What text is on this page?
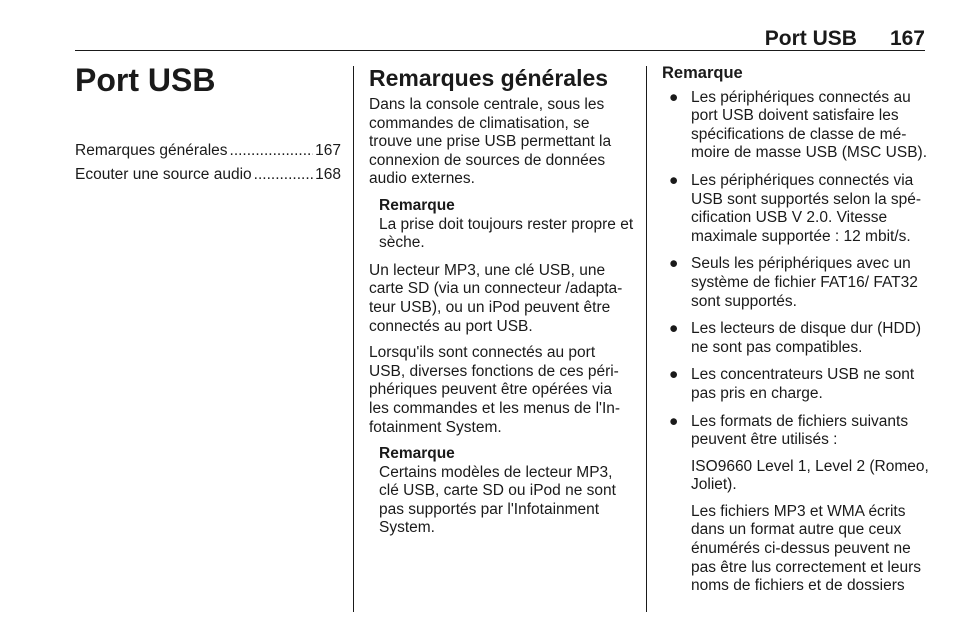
Port USB 167
Port USB
Remarques générales .....	167
Ecouter une source audio .....	168
Remarques générales

Dans la console centrale, sous les commandes de climatisation, se trouve une prise USB permettant la connexion de sources de données audio externes.

Remarque
La prise doit toujours rester propre et sèche.

Un lecteur MP3, une clé USB, une carte SD (via un connecteur /adaptateur USB), ou un iPod peuvent être connectés au port USB.

Lorsqu'ils sont connectés au port USB, diverses fonctions de ces périphériques peuvent être opérées via les commandes et les menus de l'Infotainment System.

Remarque
Certains modèles de lecteur MP3, clé USB, carte SD ou iPod ne sont pas supportés par l'Infotainment System.
Remarque
● Les périphériques connectés au port USB doivent satisfaire les spécifications de classe de mémoire de masse USB (MSC USB).
● Les périphériques connectés via USB sont supportés selon la spécification USB V 2.0. Vitesse maximale supportée : 12 mbit/s.
● Seuls les périphériques avec un système de fichier FAT16/ FAT32 sont supportés.
● Les lecteurs de disque dur (HDD) ne sont pas compatibles.
● Les concentrateurs USB ne sont pas pris en charge.
● Les formats de fichiers suivants peuvent être utilisés :
ISO9660 Level 1, Level 2 (Romeo, Joliet).
Les fichiers MP3 et WMA écrits dans un format autre que ceux énumérés ci-dessus peuvent ne pas être lus correctement et leurs noms de fichiers et de dossiers
